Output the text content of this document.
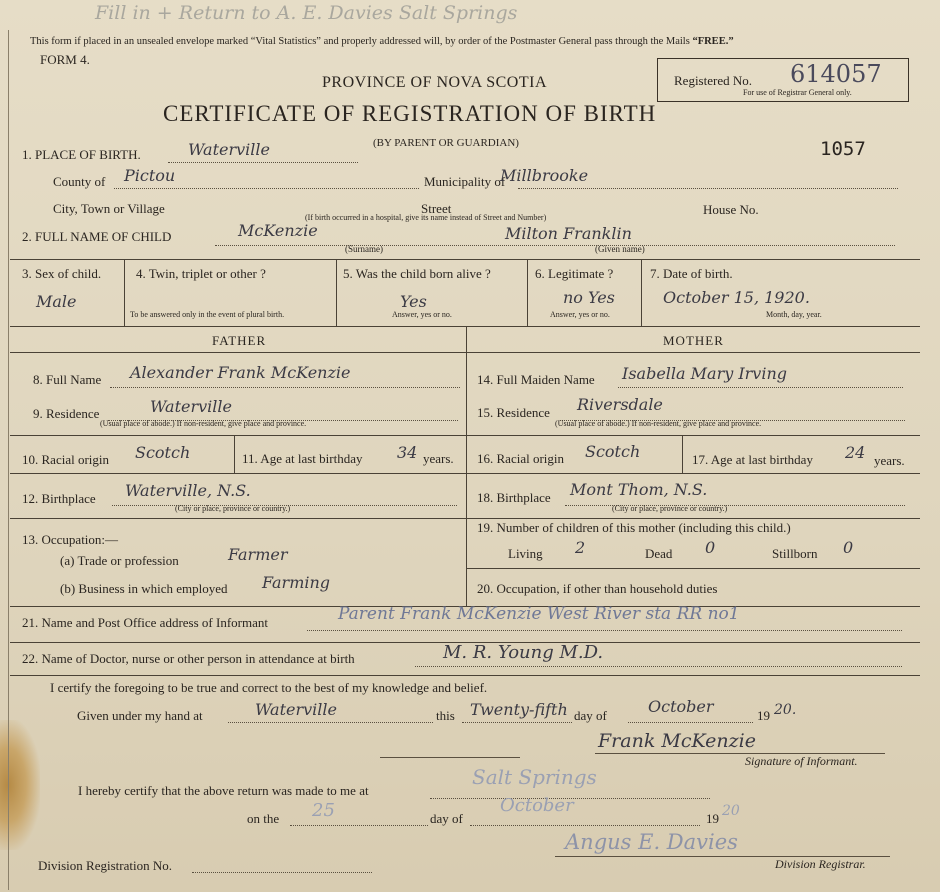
Fill in + Return to A. E. Davies Salt Springs
This form if placed in an unsealed envelope marked “Vital Statistics” and properly addressed will, by order of the Postmaster General pass through the Mails “FREE.”
FORM 4.
PROVINCE OF NOVA SCOTIA
CERTIFICATE OF REGISTRATION OF BIRTH
(BY PARENT OR GUARDIAN)
Registered No. 614057
For use of Registrar General only.
1057
1. PLACE OF BIRTH.	Waterville
County of Pictou	Municipality of
Millbrooke
City, Town or Village	Street	House No.
(If birth occurred in a hospital, give its name instead of Street and Number)
2. FULL NAME OF CHILD	McKenzie
(Surname)
Milton Franklin
(Given name)
3. Sex of child.
Male
4. Twin, triplet or other ?
To be answered only in the event of plural birth.
5. Was the child born alive ?
Yes
Answer, yes or no.
6. Legitimate ?
no Yes
Answer, yes or no.
7. Date of birth.
October 15, 1920.
Month, day, year.
FATHER	MOTHER
8. Full Name Alexander Frank McKenzie
9. Residence	Waterville
(Usual place of abode.) If non-resident, give place and province.
10. Racial origin Scotch	11. Age at last birthday 34 years.
12. Birthplace Waterville, N.S.
(City or place, province or country.)
13. Occupation:—
(a) Trade or profession	Farmer
(b) Business in which employed Farming
14. Full Maiden Name Isabella Mary Irving
15. Residence Riversdale
(Usual place of abode.) If non-resident, give place and province.
16. Racial origin Scotch	17. Age at last birthday 24 years.
18. Birthplace Mont Thom, N.S.
(City or place, province or country.)
19. Number of children of this mother (including this child.)
Living 2	Dead 0	Stillborn 0
20. Occupation, if other than household duties
21. Name and Post Office address of Informant	Parent Frank McKenzie West River sta RR no1
22. Name of Doctor, nurse or other person in attendance at birth	M. R. Young M.D.
I certify the foregoing to be true and correct to the best of my knowledge and belief.
Given under my hand at	Waterville	this Twenty-fifth day of	October	19 20.
Frank McKenzie
Signature of Informant.
I hereby certify that the above return was made to me at
Salt Springs
on the 25	day of
October
19 20
Angus E. Davies
Division Registration No.	Division Registrar.
